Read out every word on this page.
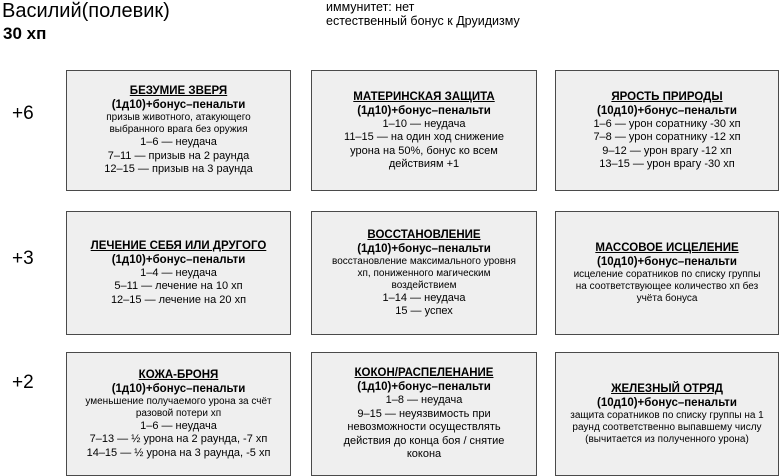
Василий(полевик)
30 хп
иммунитет: нет
естественный бонус к Друидизму
+6
+3
+2
БЕЗУМИЕ ЗВЕРЯ
(1д10)+бонус–пенальти
призыв животного, атакующего
выбранного врага без оружия
1–6 — неудача
7–11 — призыв на 2 раунда
12–15 — призыв на 3 раунда
МАТЕРИНСКАЯ ЗАЩИТА
(1д10)+бонус–пенальти
1–10 — неудача
11–15 — на один ход снижение
урона на 50%, бонус ко всем
действиям +1
ЯРОСТЬ ПРИРОДЫ
(10д10)+бонус–пенальти
1–6 — урон соратнику -30 хп
7–8 — урон соратнику -12 хп
9–12 — урон врагу -12 хп
13–15 — урон врагу -30 хп
ЛЕЧЕНИЕ СЕБЯ ИЛИ ДРУГОГО
(1д10)+бонус–пенальти
1–4 — неудача
5–11 — лечение на 10 хп
12–15 — лечение на 20 хп
ВОССТАНОВЛЕНИЕ
(1д10)+бонус–пенальти
восстановление максимального уровня
хп, пониженного магическим
воздействием
1–14 — неудача
15 — успех
МАССОВОЕ ИСЦЕЛЕНИЕ
(10д10)+бонус–пенальти
исцеление соратников по списку группы
на соответствующее количество хп без
учёта бонуса
КОЖА-БРОНЯ
(1д10)+бонус–пенальти
уменьшение получаемого урона за счёт
разовой потери хп
1–6 — неудача
7–13 — ½ урона на 2 раунда, -7 хп
14–15 — ½ урона на 3 раунда, -5 хп
КОКОН/РАСПЕЛЕНАНИЕ
(1д10)+бонус–пенальти
1–8 — неудача
9–15 — неуязвимость при
невозможности осуществлять
действия до конца боя / снятие
кокона
ЖЕЛЕЗНЫЙ ОТРЯД
(10д10)+бонус–пенальти
защита соратников по списку группы на 1
раунд соответственно выпавшему числу
(вычитается из полученного урона)
